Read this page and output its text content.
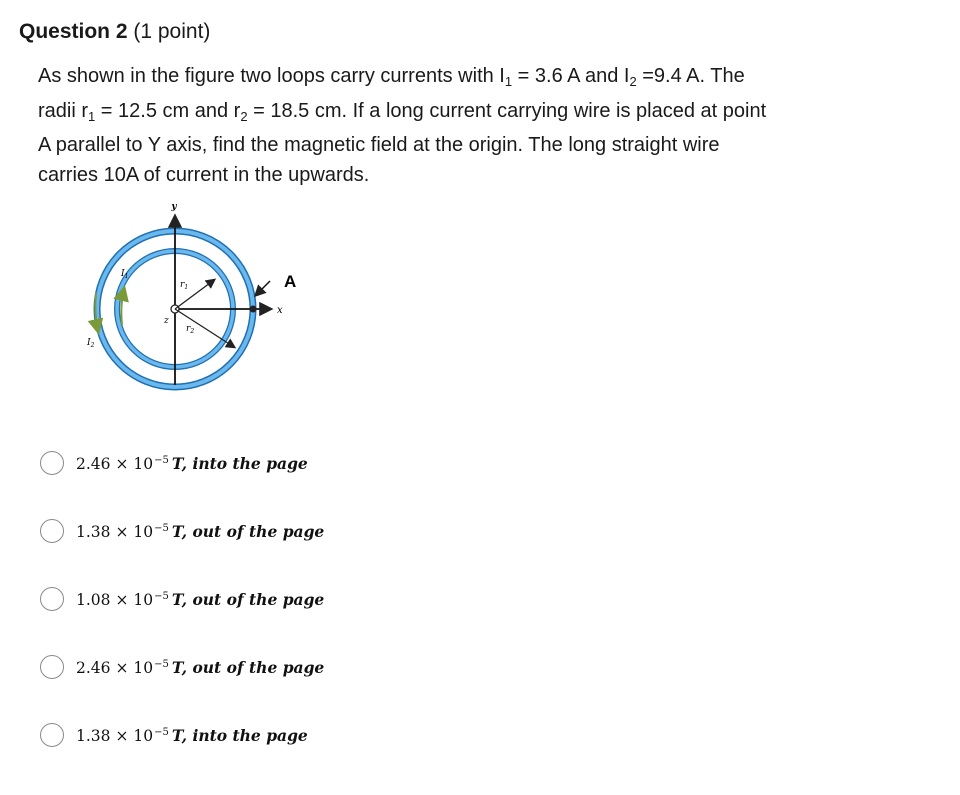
Question 2 (1 point)
As shown in the figure two loops carry currents with $I_1 = 3.6$ A and $I_2 =9.4$ A. The
radii $r_1 = 12.5$ cm and $r_2 = 18.5$ cm. If a long current carrying wire is placed at point
A parallel to Y axis, find the magnetic field at the origin. The long straight wire
carries 10A of current in the upwards.
y
x
z
A
$I_1$
$I_2$
$r_1$
$r_2$
$2.46 \times 10^{-5}$ T, into the page
$1.38 \times 10^{-5}$ T, out of the page
$1.08 \times 10^{-5}$ T, out of the page
$2.46 \times 10^{-5}$ T, out of the page
$1.38 \times 10^{-5}$ T, into the page
